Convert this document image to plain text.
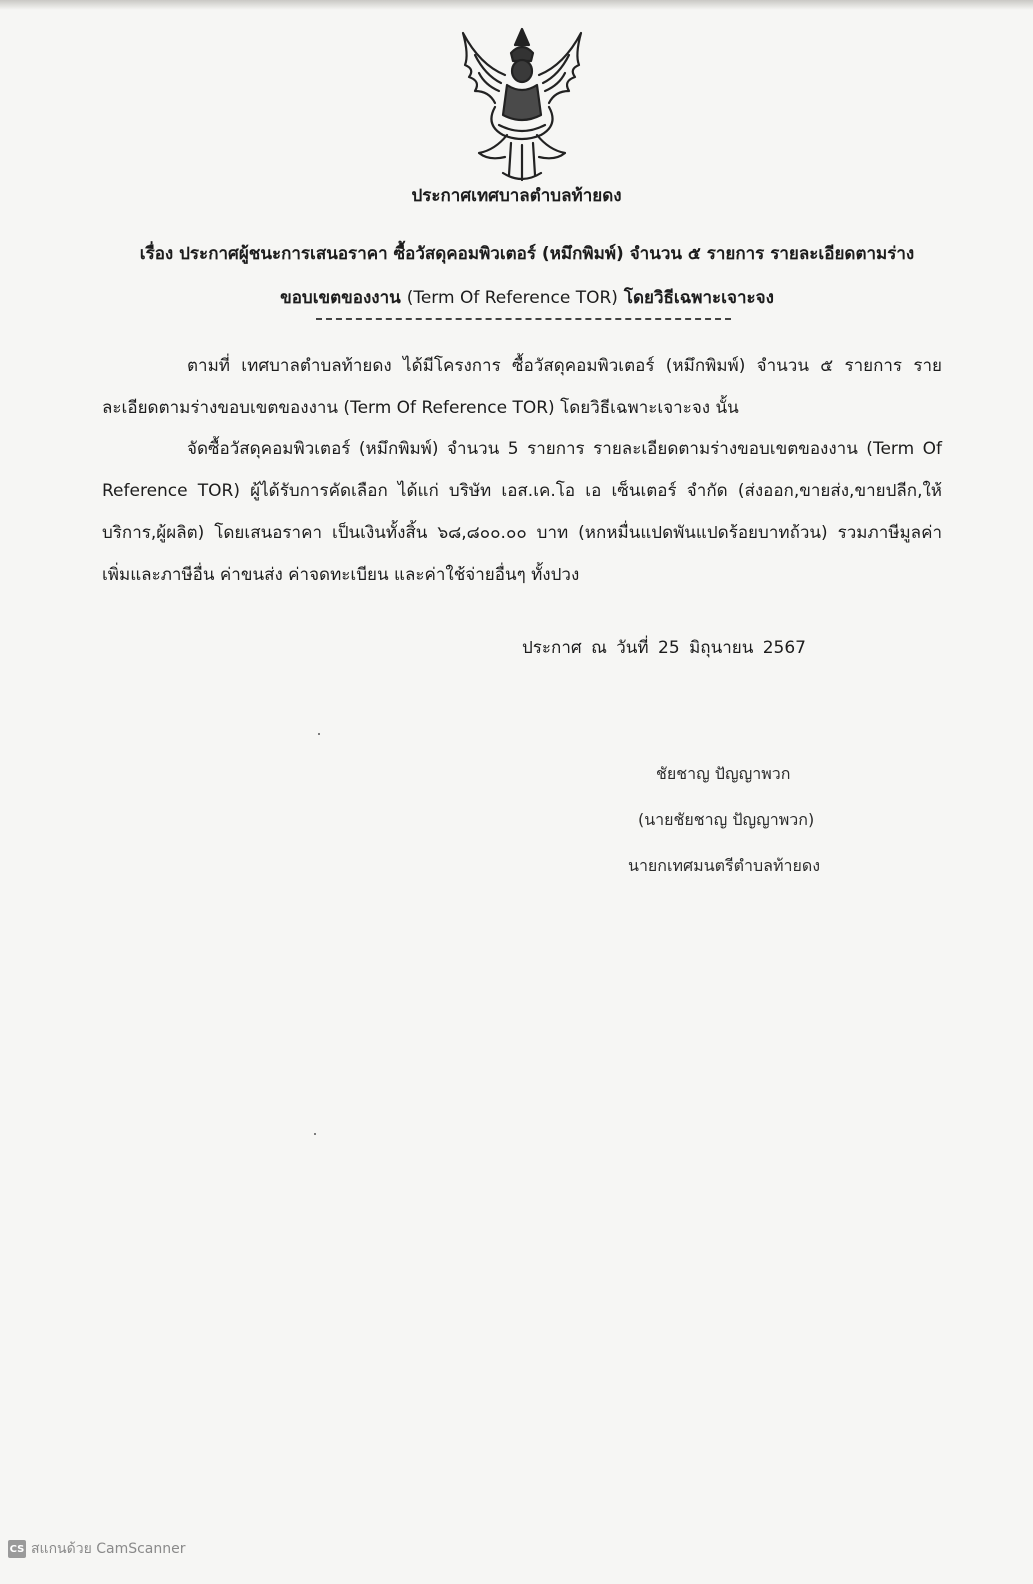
ประกาศเทศบาลตำบลท้ายดง
เรื่อง ประกาศผู้ชนะการเสนอราคา ซื้อวัสดุคอมพิวเตอร์ (หมึกพิมพ์) จำนวน ๕ รายการ รายละเอียดตามร่าง
ขอบเขตของงาน (Term Of Reference TOR) โดยวิธีเฉพาะเจาะจง
ตามที่ เทศบาลตำบลท้ายดง ได้มีโครงการ ซื้อวัสดุคอมพิวเตอร์ (หมึกพิมพ์) จำนวน ๕ รายการ รายละเอียดตามร่างขอบเขตของงาน (Term Of Reference TOR) โดยวิธีเฉพาะเจาะจง นั้น
จัดซื้อวัสดุคอมพิวเตอร์ (หมึกพิมพ์) จำนวน 5 รายการ รายละเอียดตามร่างขอบเขตของงาน (Term Of Reference TOR) ผู้ได้รับการคัดเลือก ได้แก่ บริษัท เอส.เค.โอ เอ เซ็นเตอร์ จำกัด (ส่งออก,ขายส่ง,ขายปลีก,ให้บริการ,ผู้ผลิต) โดยเสนอราคา เป็นเงินทั้งสิ้น ๖๘,๘๐๐.๐๐ บาท (หกหมื่นแปดพันแปดร้อยบาทถ้วน) รวมภาษีมูลค่าเพิ่มและภาษีอื่น ค่าขนส่ง ค่าจดทะเบียน และค่าใช้จ่ายอื่นๆ ทั้งปวง
ประกาศ ณ วันที่ 25 มิถุนายน 2567
ชัยชาญ ปัญญาพวก
(นายชัยชาญ ปัญญาพวก)
นายกเทศมนตรีตำบลท้ายดง
CS สแกนด้วย CamScanner
